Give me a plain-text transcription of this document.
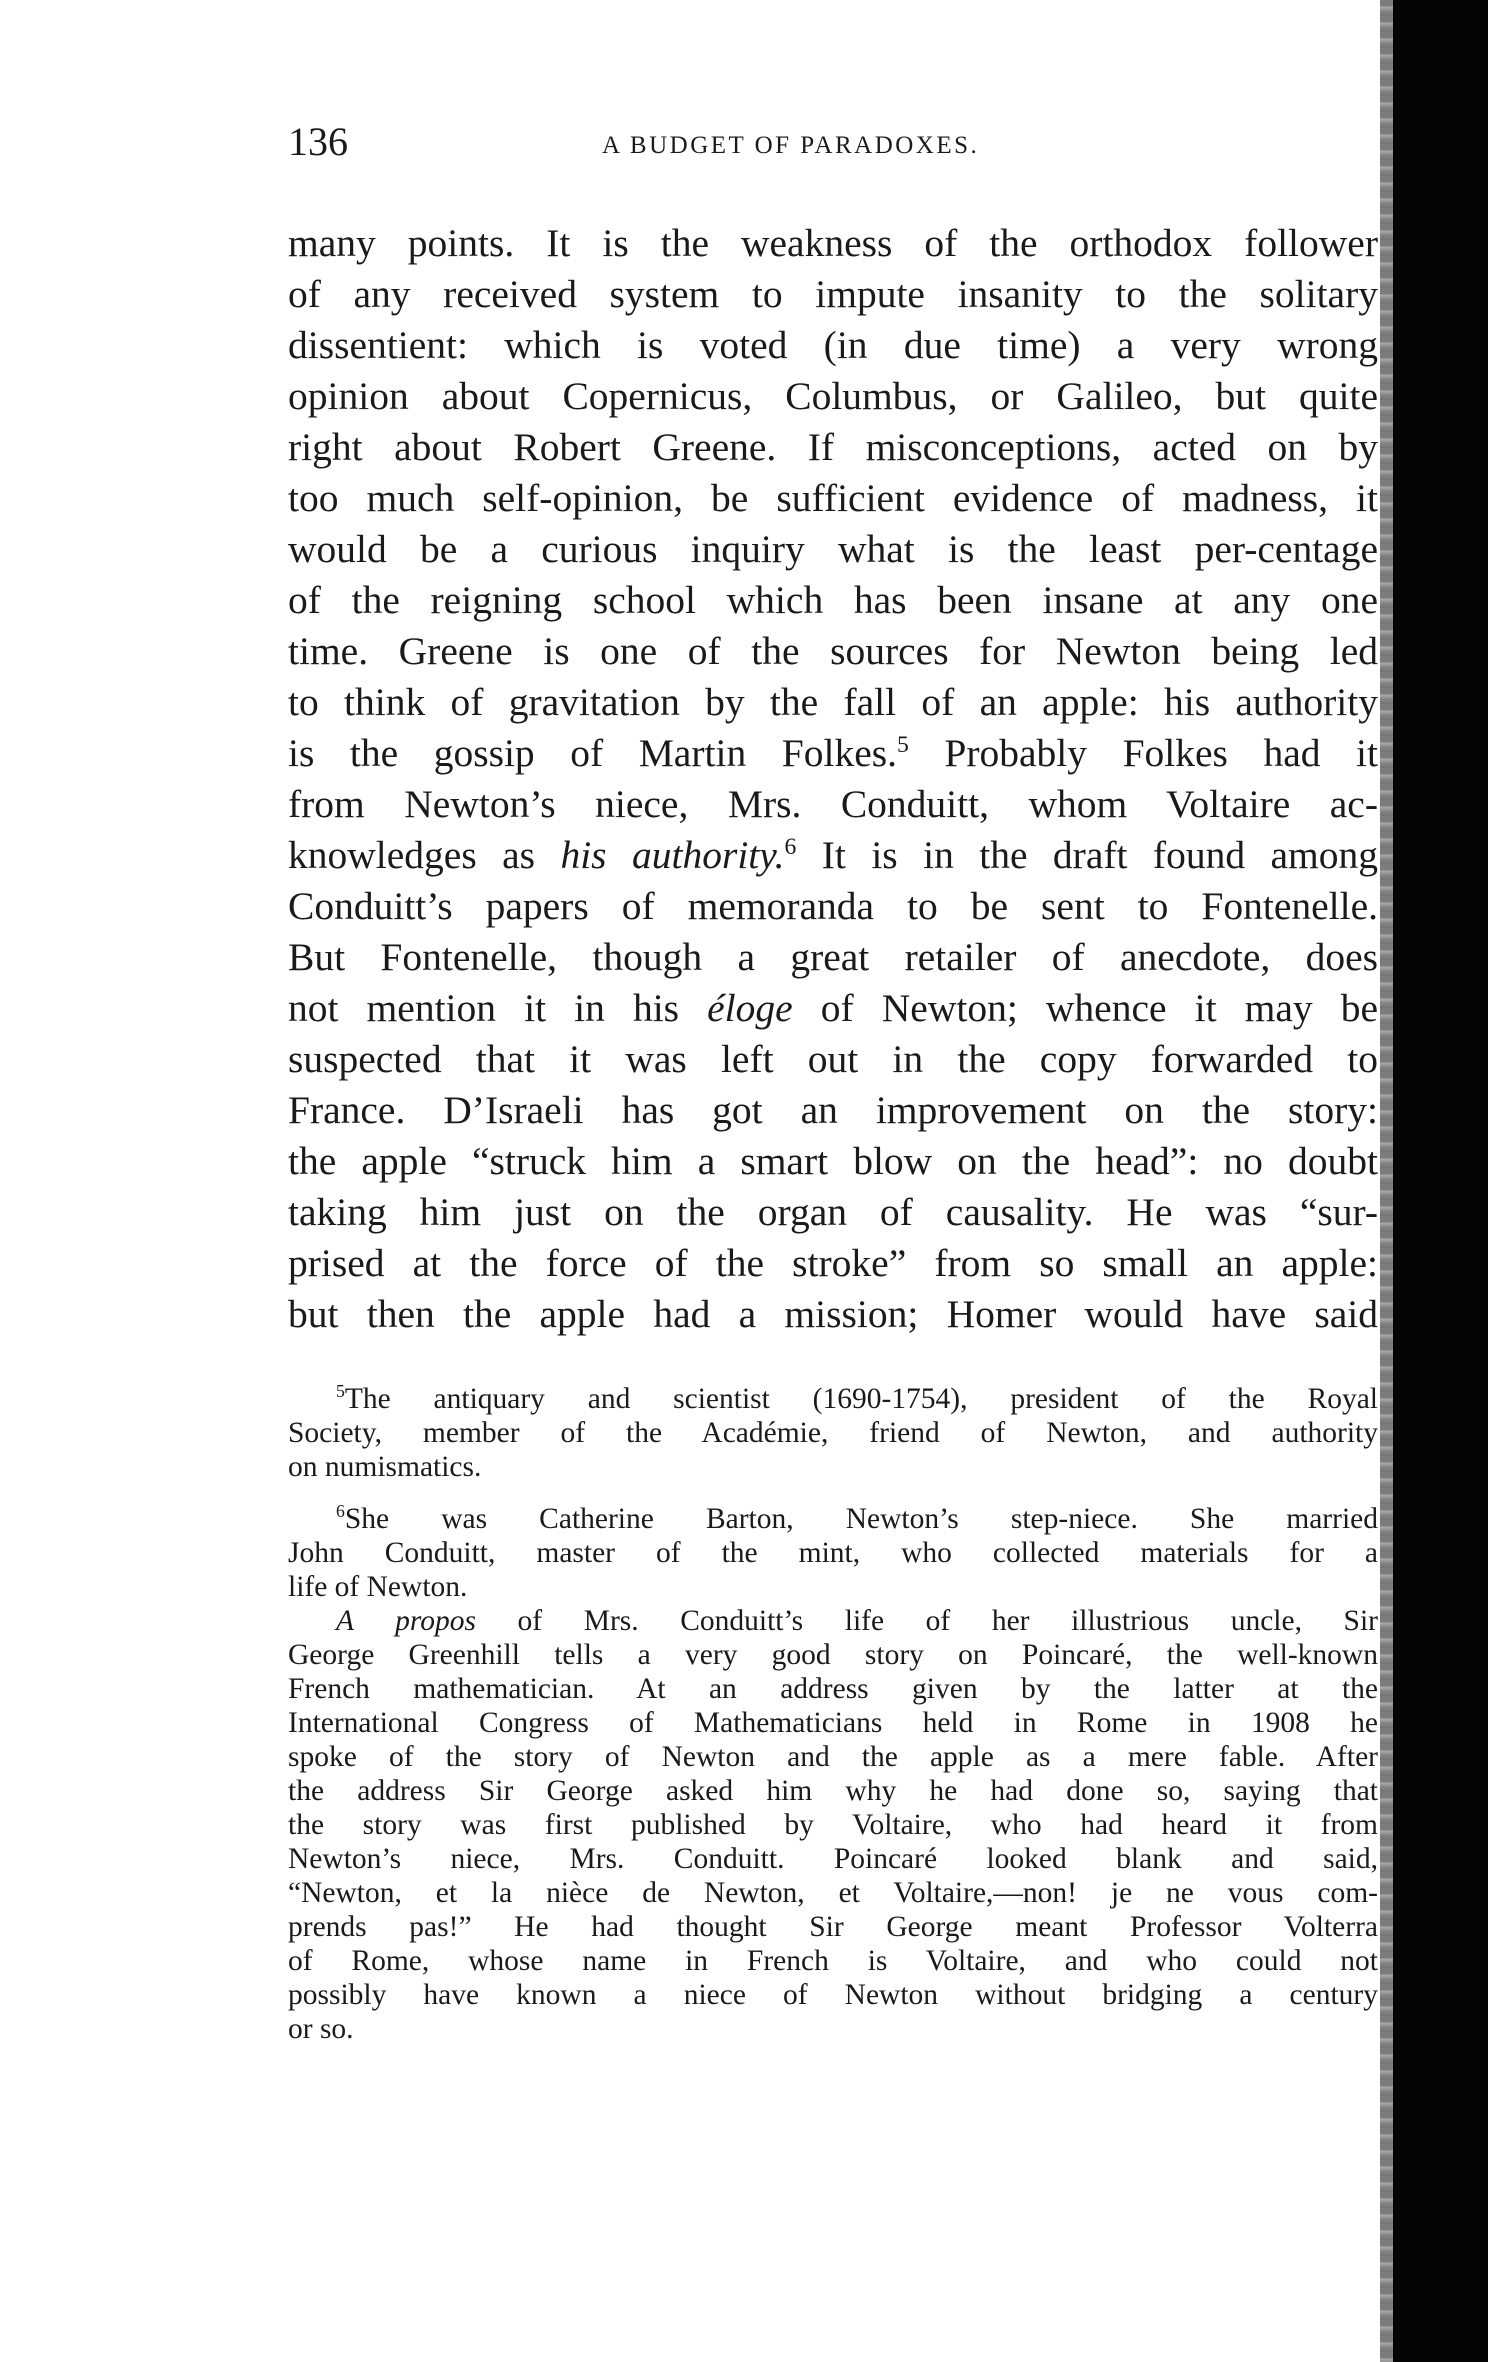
136	A BUDGET OF PARADOXES.
many points. It is the weakness of the orthodox follower
of any received system to impute insanity to the solitary
dissentient: which is voted (in due time) a very wrong
opinion about Copernicus, Columbus, or Galileo, but quite
right about Robert Greene. If misconceptions, acted on by
too much self-opinion, be sufficient evidence of madness, it
would be a curious inquiry what is the least per-centage
of the reigning school which has been insane at any one
time. Greene is one of the sources for Newton being led
to think of gravitation by the fall of an apple: his authority
is the gossip of Martin Folkes.$^5$ Probably Folkes had it
from Newton’s niece, Mrs. Conduitt, whom Voltaire ac-
knowledges as his authority.$^6$ It is in the draft found among
Conduitt’s papers of memoranda to be sent to Fontenelle.
But Fontenelle, though a great retailer of anecdote, does
not mention it in his éloge of Newton; whence it may be
suspected that it was left out in the copy forwarded to
France. D’Israeli has got an improvement on the story:
the apple “struck him a smart blow on the head”: no doubt
taking him just on the organ of causality. He was “sur-
prised at the force of the stroke” from so small an apple:
but then the apple had a mission; Homer would have said
$^5$The antiquary and scientist (1690-1754), president of the Royal
Society, member of the Académie, friend of Newton, and authority
on numismatics.
$^6$She was Catherine Barton, Newton’s step-niece. She married
John Conduitt, master of the mint, who collected materials for a
life of Newton.
A propos of Mrs. Conduitt’s life of her illustrious uncle, Sir
George Greenhill tells a very good story on Poincaré, the well-known
French mathematician. At an address given by the latter at the
International Congress of Mathematicians held in Rome in 1908 he
spoke of the story of Newton and the apple as a mere fable. After
the address Sir George asked him why he had done so, saying that
the story was first published by Voltaire, who had heard it from
Newton’s niece, Mrs. Conduitt. Poincaré looked blank and said,
“Newton, et la nièce de Newton, et Voltaire,—non! je ne vous com-
prends pas!” He had thought Sir George meant Professor Volterra
of Rome, whose name in French is Voltaire, and who could not
possibly have known a niece of Newton without bridging a century
or so.
